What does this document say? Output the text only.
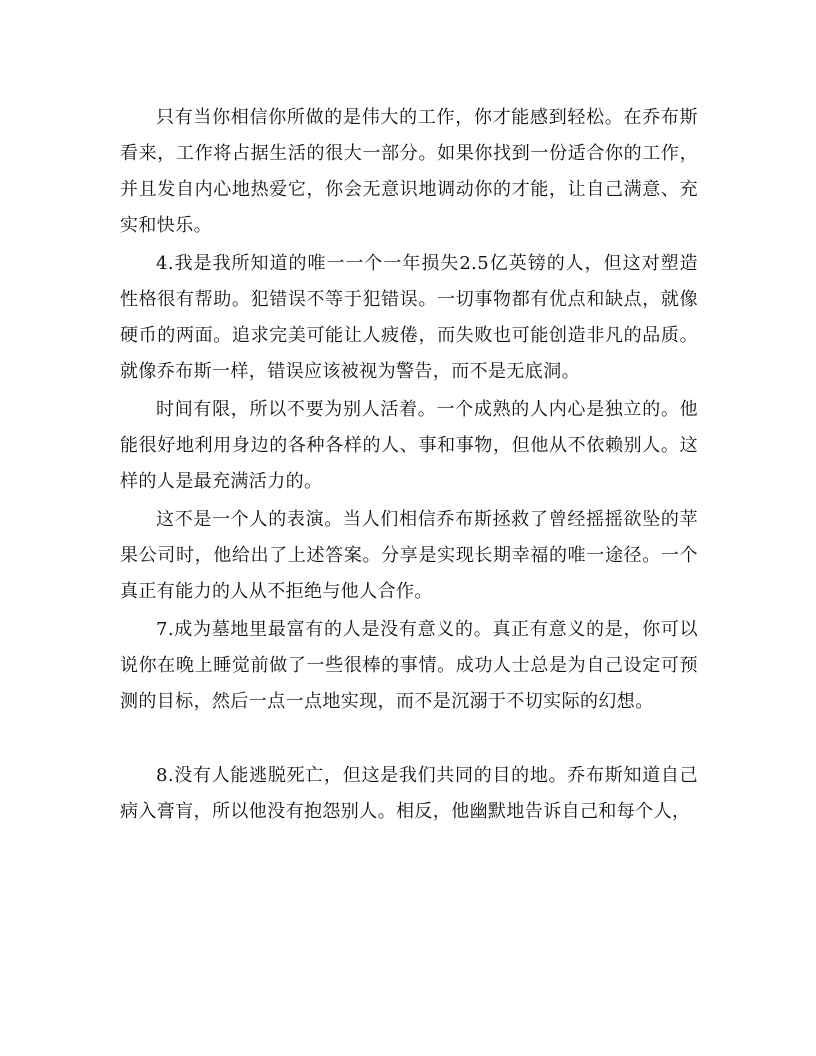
只有当你相信你所做的是伟大的工作，你才能感到轻松。在乔布斯看来，工作将占据生活的很大一部分。如果你找到一份适合你的工作，并且发自内心地热爱它，你会无意识地调动你的才能，让自己满意、充实和快乐。

4.我是我所知道的唯一一个一年损失2.5亿英镑的人，但这对塑造性格很有帮助。犯错误不等于犯错误。一切事物都有优点和缺点，就像硬币的两面。追求完美可能让人疲倦，而失败也可能创造非凡的品质。就像乔布斯一样，错误应该被视为警告，而不是无底洞。

时间有限，所以不要为别人活着。一个成熟的人内心是独立的。他能很好地利用身边的各种各样的人、事和事物，但他从不依赖别人。这样的人是最充满活力的。

这不是一个人的表演。当人们相信乔布斯拯救了曾经摇摇欲坠的苹果公司时，他给出了上述答案。分享是实现长期幸福的唯一途径。一个真正有能力的人从不拒绝与他人合作。

7.成为墓地里最富有的人是没有意义的。真正有意义的是，你可以说你在晚上睡觉前做了一些很棒的事情。成功人士总是为自己设定可预测的目标，然后一点一点地实现，而不是沉溺于不切实际的幻想。

8.没有人能逃脱死亡，但这是我们共同的目的地。乔布斯知道自己病入膏肓，所以他没有抱怨别人。相反，他幽默地告诉自己和每个人，
